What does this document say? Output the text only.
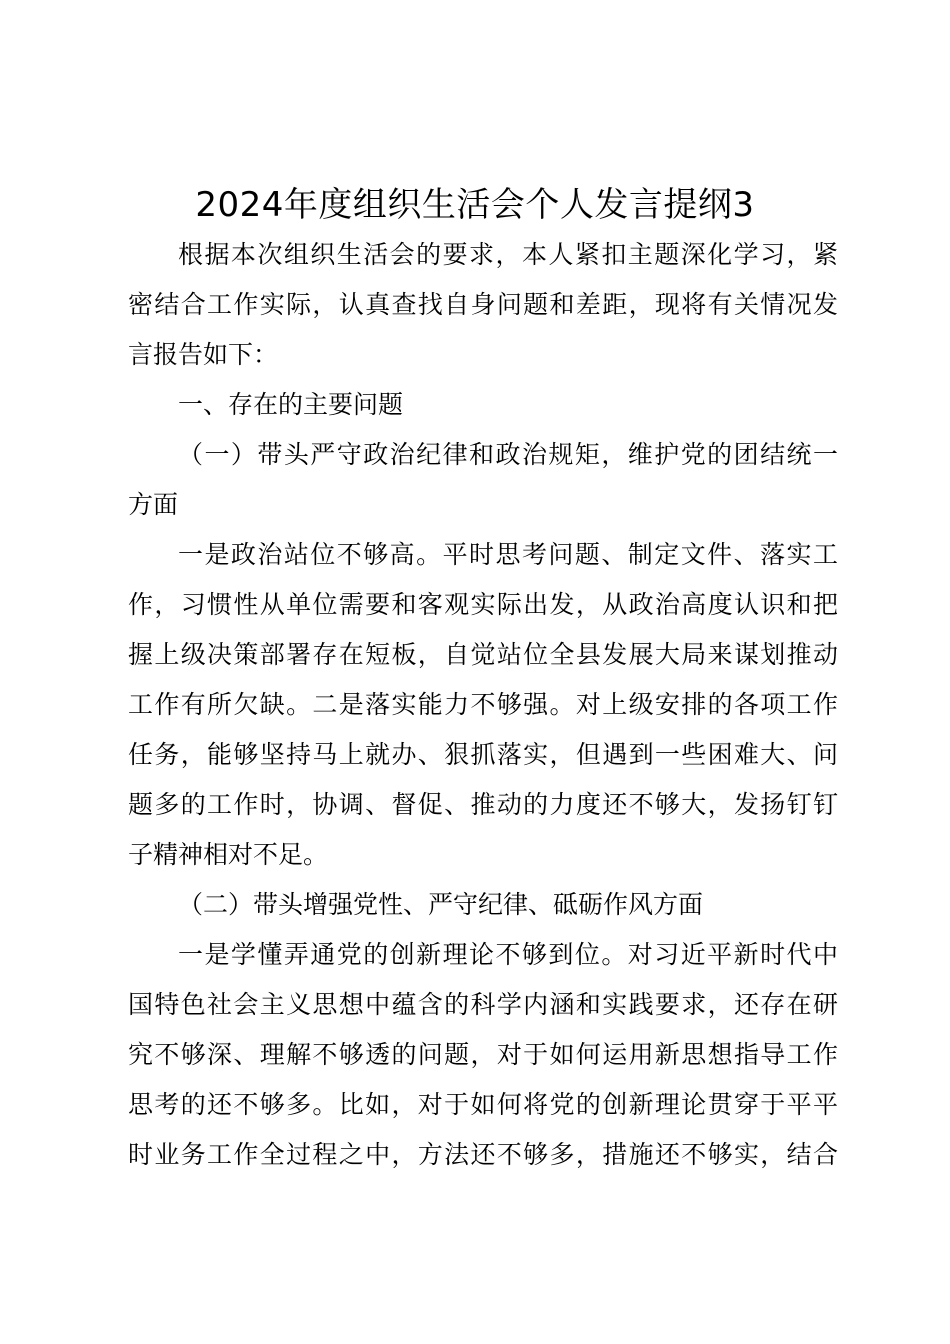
2024年度组织生活会个人发言提纲3

根据本次组织生活会的要求，本人紧扣主题深化学习，紧

密结合工作实际，认真查找自身问题和差距，现将有关情况发

言报告如下：

一、存在的主要问题

（一）带头严守政治纪律和政治规矩，维护党的团结统一

方面

一是政治站位不够高。平时思考问题、制定文件、落实工

作，习惯性从单位需要和客观实际出发，从政治高度认识和把

握上级决策部署存在短板，自觉站位全县发展大局来谋划推动

工作有所欠缺。二是落实能力不够强。对上级安排的各项工作

任务，能够坚持马上就办、狠抓落实，但遇到一些困难大、问

题多的工作时，协调、督促、推动的力度还不够大，发扬钉钉

子精神相对不足。

（二）带头增强党性、严守纪律、砥砺作风方面

一是学懂弄通党的创新理论不够到位。对习近平新时代中

国特色社会主义思想中蕴含的科学内涵和实践要求，还存在研

究不够深、理解不够透的问题，对于如何运用新思想指导工作

思考的还不够多。比如，对于如何将党的创新理论贯穿于平平

时业务工作全过程之中，方法还不够多，措施还不够实，结合
